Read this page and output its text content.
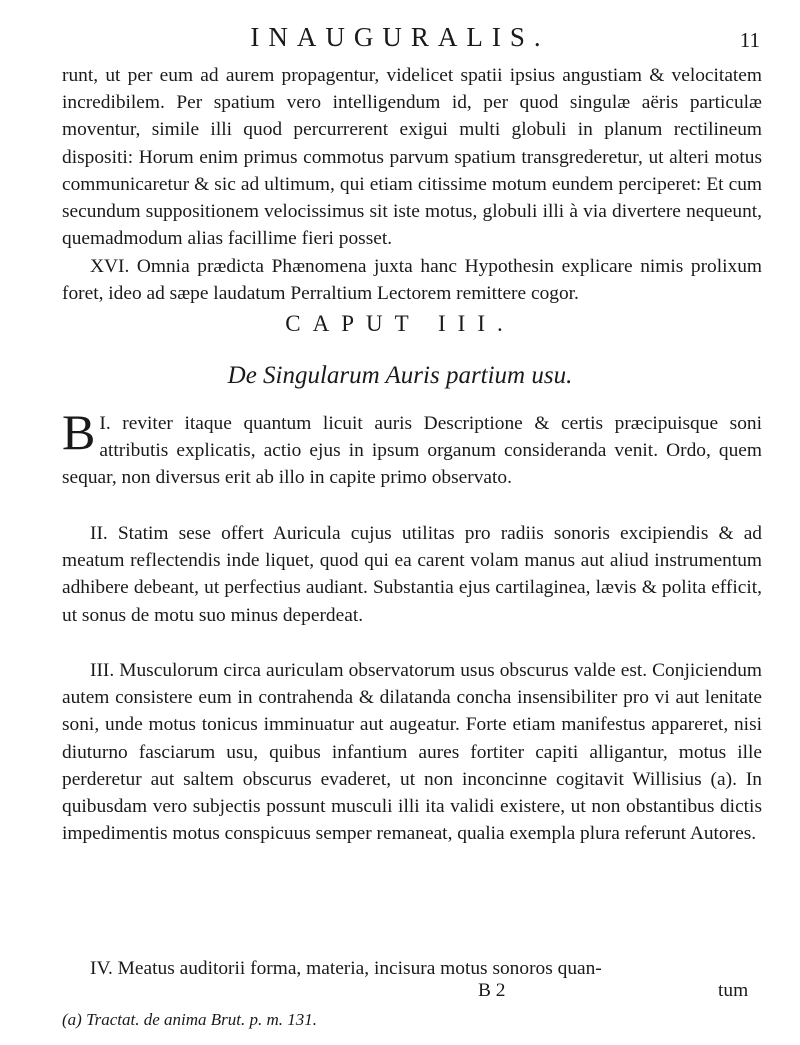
INAUGURALIS.	11

runt, ut per eum ad aurem propagentur, videlicet spatii ipsius angustiam & velocitatem incredibilem. Per spatium vero intelligendum id, per quod singulæ aëris particulæ moventur, simile illi quod percurrerent exigui multi globuli in planum rectilineum dispositi: Horum enim primus commotus parvum spatium transgrederetur, ut alteri motus communicaretur & sic ad ultimum, qui etiam citissime motum eundem perciperet: Et cum secundum suppositionem velocissimus sit iste motus, globuli illi à via divertere nequeunt, quemadmodum alias facillime fieri posset.

XVI. Omnia prædicta Phænomena juxta hanc Hypothesin explicare nimis prolixum foret, ideo ad sæpe laudatum Perraltium Lectorem remittere cogor.

CAPUT III.
De Singularum Auris partium usu.

I.
B reviter itaque quantum licuit auris Descriptione & certis præcipuisque soni attributis explicatis, actio ejus in ipsum organum consideranda venit. Ordo, quem sequar, non diversus erit ab illo in capite primo observato.

II. Statim sese offert Auricula cujus utilitas pro radiis sonoris excipiendis & ad meatum reflectendis inde liquet, quod qui ea carent volam manus aut aliud instrumentum adhibere debeant, ut perfectius audiant. Substantia ejus cartilaginea, lævis & polita efficit, ut sonus de motu suo minus deperdeat.

III. Musculorum circa auriculam observatorum usus obscurus valde est. Conjiciendum autem consistere eum in contrahenda & dilatanda concha insensibiliter pro vi aut lenitate soni, unde motus tonicus imminuatur aut augeatur. Forte etiam manifestus appareret, nisi diuturno fasciarum usu, quibus infantium aures fortiter capiti alligantur, motus ille perderetur aut saltem obscurus evaderet, ut non inconcinne cogitavit Willisius (a). In quibusdam vero subjectis possunt musculi illi ita validi existere, ut non obstantibus dictis impedimentis motus conspicuus semper remaneat, qualia exempla plura referunt Autores.

IV. Meatus auditorii forma, materia, incisura motus sonoros quan-

B 2	tum
(a) Tractat. de anima Brut. p. m. 131.
